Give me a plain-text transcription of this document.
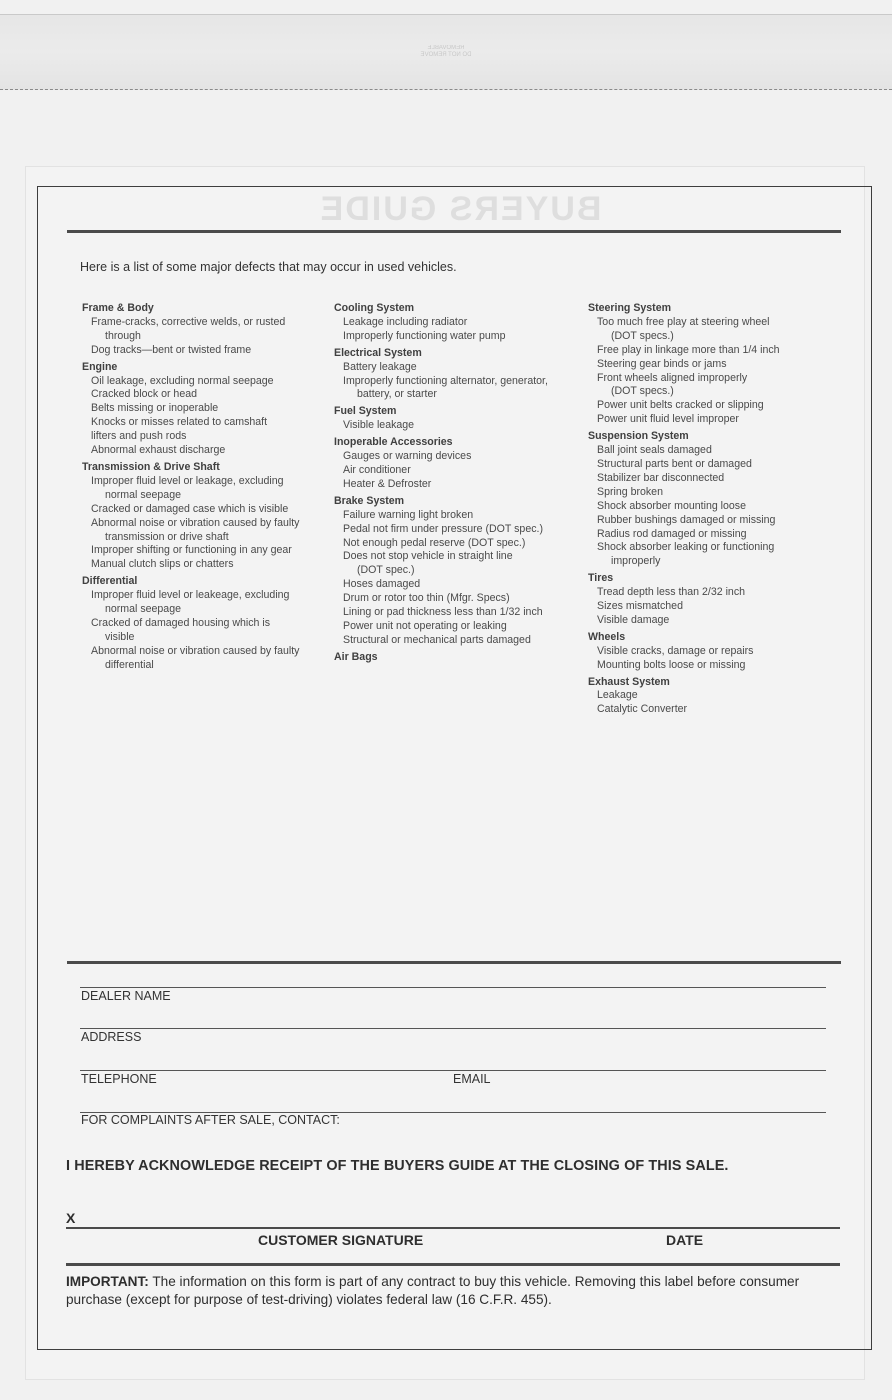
REMOVABLE
DO NOT REMOVE
BUYERS GUIDE
Here is a list of some major defects that may occur in used vehicles.
Frame & Body
Frame-cracks, corrective welds, or rusted
through
Dog tracks—bent or twisted frame
Engine
Oil leakage, excluding normal seepage
Cracked block or head
Belts missing or inoperable
Knocks or misses related to camshaft
lifters and push rods
Abnormal exhaust discharge
Transmission & Drive Shaft
Improper fluid level or leakage, excluding
normal seepage
Cracked or damaged case which is visible
Abnormal noise or vibration caused by faulty
transmission or drive shaft
Improper shifting or functioning in any gear
Manual clutch slips or chatters
Differential
Improper fluid level or leakeage, excluding
normal seepage
Cracked of damaged housing which is
visible
Abnormal noise or vibration caused by faulty
differential
Cooling System
Leakage including radiator
Improperly functioning water pump
Electrical System
Battery leakage
Improperly functioning alternator, generator,
battery, or starter
Fuel System
Visible leakage
Inoperable Accessories
Gauges or warning devices
Air conditioner
Heater & Defroster
Brake System
Failure warning light broken
Pedal not firm under pressure (DOT spec.)
Not enough pedal reserve (DOT spec.)
Does not stop vehicle in straight line
(DOT spec.)
Hoses damaged
Drum or rotor too thin (Mfgr. Specs)
Lining or pad thickness less than 1/32 inch
Power unit not operating or leaking
Structural or mechanical parts damaged
Air Bags
Steering System
Too much free play at steering wheel
(DOT specs.)
Free play in linkage more than 1/4 inch
Steering gear binds or jams
Front wheels aligned improperly
(DOT specs.)
Power unit belts cracked or slipping
Power unit fluid level improper
Suspension System
Ball joint seals damaged
Structural parts bent or damaged
Stabilizer bar disconnected
Spring broken
Shock absorber mounting loose
Rubber bushings damaged or missing
Radius rod damaged or missing
Shock absorber leaking or functioning
improperly
Tires
Tread depth less than 2/32 inch
Sizes mismatched
Visible damage
Wheels
Visible cracks, damage or repairs
Mounting bolts loose or missing
Exhaust System
Leakage
Catalytic Converter
DEALER NAME
ADDRESS
TELEPHONE	EMAIL
FOR COMPLAINTS AFTER SALE, CONTACT:
I HEREBY ACKNOWLEDGE RECEIPT OF THE BUYERS GUIDE AT THE CLOSING OF THIS SALE.
X
CUSTOMER SIGNATURE	DATE
IMPORTANT: The information on this form is part of any contract to buy this vehicle. Removing this label before consumer purchase (except for purpose of test-driving) violates federal law (16 C.F.R. 455).
